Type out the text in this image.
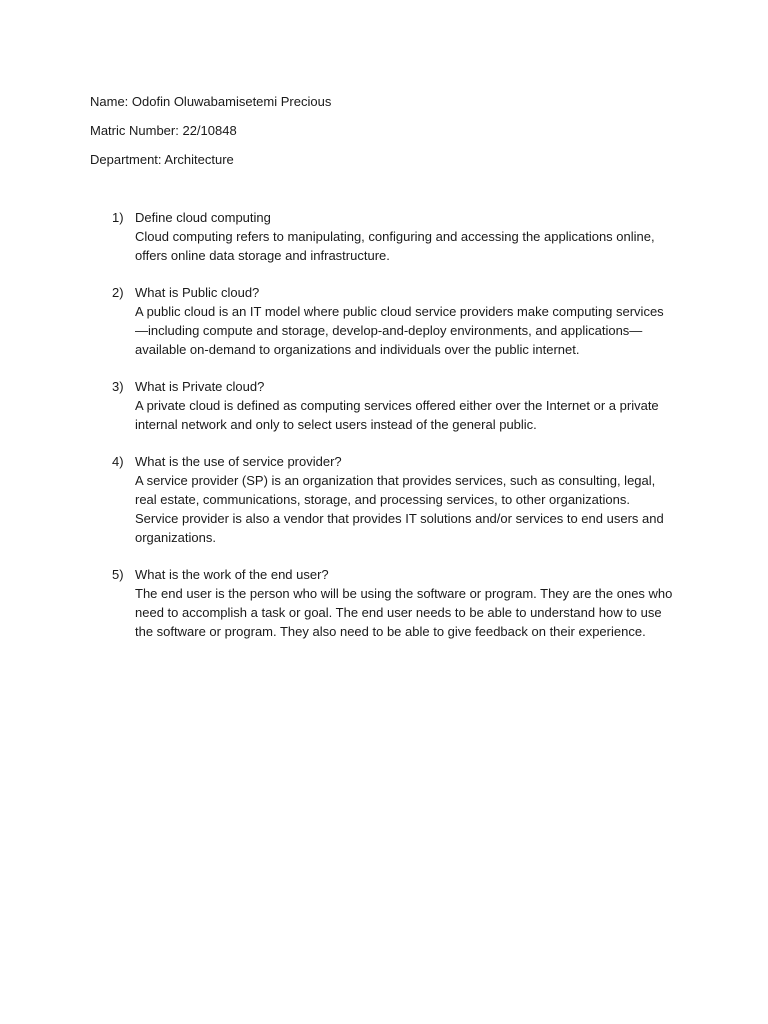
Name: Odofin Oluwabamisetemi Precious
Matric Number: 22/10848
Department: Architecture
1) Define cloud computing
Cloud computing refers to manipulating, configuring and accessing the applications online, offers online data storage and infrastructure.
2) What is Public cloud?
A public cloud is an IT model where public cloud service providers make computing services—including compute and storage, develop-and-deploy environments, and applications—available on-demand to organizations and individuals over the public internet.
3) What is Private cloud?
A private cloud is defined as computing services offered either over the Internet or a private internal network and only to select users instead of the general public.
4) What is the use of service provider?
A service provider (SP) is an organization that provides services, such as consulting, legal, real estate, communications, storage, and processing services, to other organizations. Service provider is also a vendor that provides IT solutions and/or services to end users and organizations.
5) What is the work of the end user?
The end user is the person who will be using the software or program. They are the ones who need to accomplish a task or goal. The end user needs to be able to understand how to use the software or program. They also need to be able to give feedback on their experience.
